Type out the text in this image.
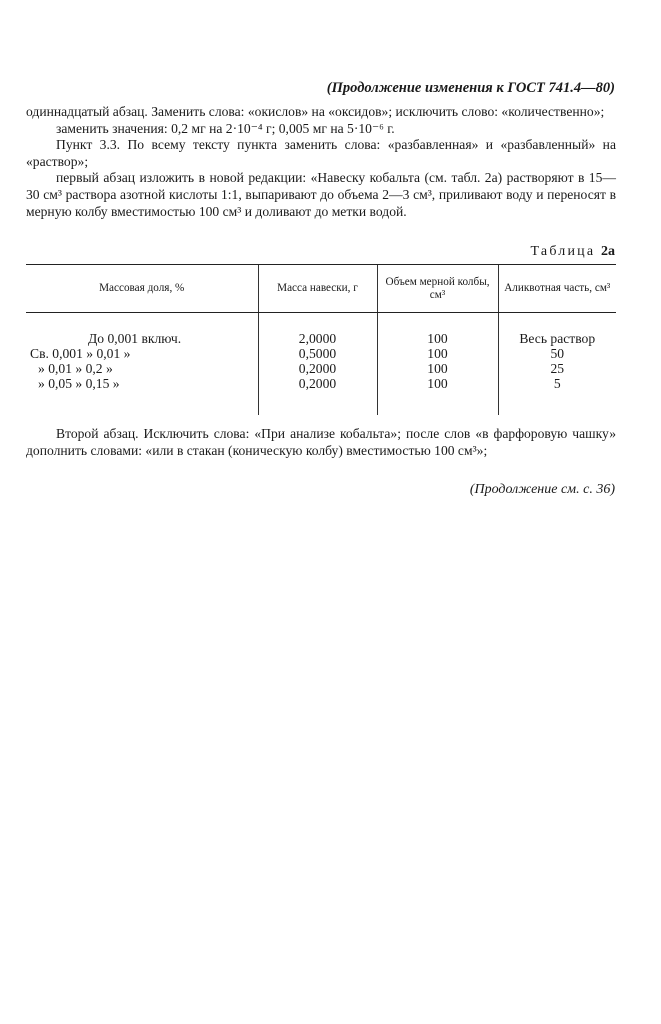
(Продолжение изменения к ГОСТ 741.4—80)

одиннадцатый абзац. Заменить слова: «окислов» на «оксидов»; исключить слово: «количественно»;

заменить значения: 0,2 мг на 2·10⁻⁴ г; 0,005 мг на 5·10⁻⁶ г.

Пункт 3.3. По всему тексту пункта заменить слова: «разбавленная» и «разбавленный» на «раствор»;

первый абзац изложить в новой редакции: «Навеску кобальта (см. табл. 2а) растворяют в 15—30 см³ раствора азотной кислоты 1:1, выпаривают до объема 2—3 см³, приливают воду и переносят в мерную колбу вместимостью 100 см³ и доливают до метки водой.

Таблица 2а
Массовая доля, %	Масса навески, г	Объем мерной колбы, см³	Аликвотная часть, см³

До 0,001 включ.	2,0000	100	Весь раствор

Св. 0,001 » 0,01 »	0,5000	100	50

» 0,01 » 0,2 »	0,2000	100	25

» 0,05 » 0,15 »	0,2000	100	5

Второй абзац. Исключить слова: «При анализе кобальта»; после слов «в фарфоровую чашку» дополнить словами: «или в стакан (коническую колбу) вместимостью 100 см³»;

(Продолжение см. с. 36)
